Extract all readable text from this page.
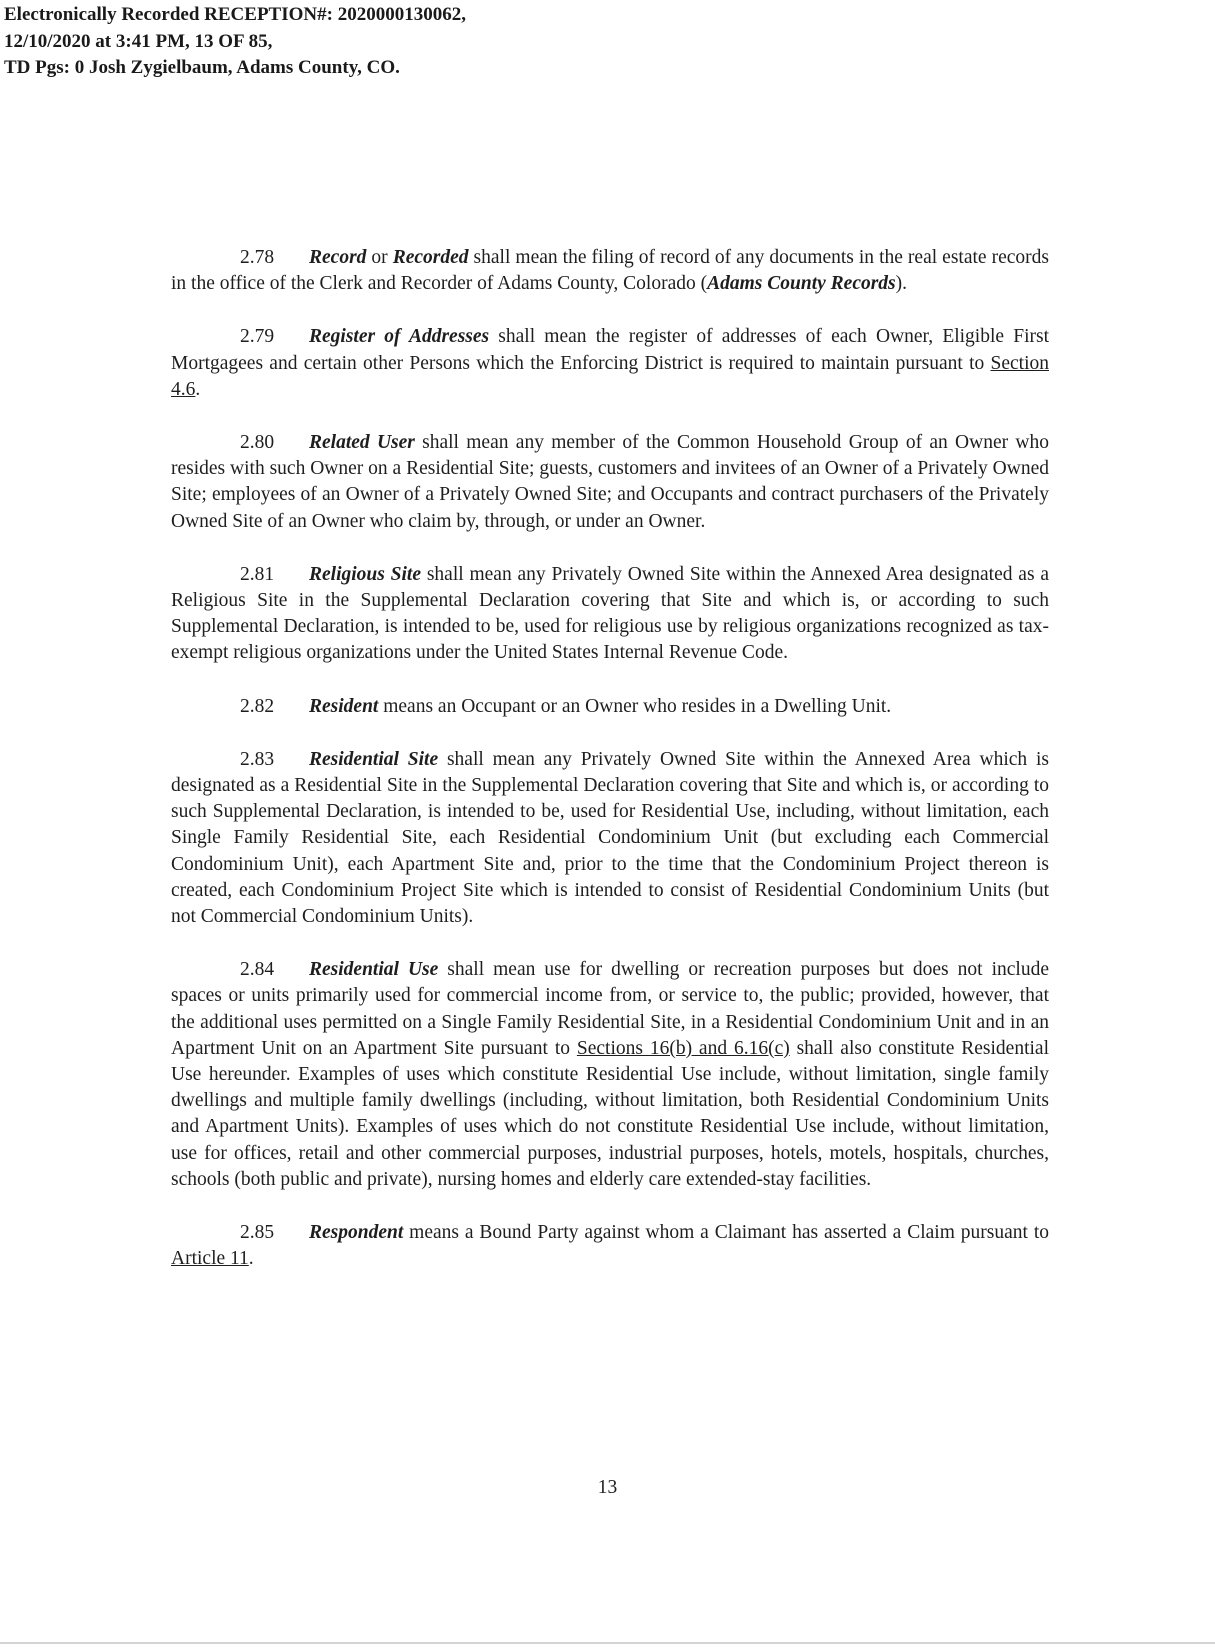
Electronically Recorded RECEPTION#: 2020000130062,
12/10/2020 at 3:41 PM, 13 OF 85,
TD Pgs: 0 Josh Zygielbaum, Adams County, CO.

2.78 Record or Recorded shall mean the filing of record of any documents in the real estate records in the office of the Clerk and Recorder of Adams County, Colorado (Adams County Records).

2.79 Register of Addresses shall mean the register of addresses of each Owner, Eligible First Mortgagees and certain other Persons which the Enforcing District is required to maintain pursuant to Section 4.6.

2.80 Related User shall mean any member of the Common Household Group of an Owner who resides with such Owner on a Residential Site; guests, customers and invitees of an Owner of a Privately Owned Site; employees of an Owner of a Privately Owned Site; and Occupants and contract purchasers of the Privately Owned Site of an Owner who claim by, through, or under an Owner.

2.81 Religious Site shall mean any Privately Owned Site within the Annexed Area designated as a Religious Site in the Supplemental Declaration covering that Site and which is, or according to such Supplemental Declaration, is intended to be, used for religious use by religious organizations recognized as tax-exempt religious organizations under the United States Internal Revenue Code.

2.82 Resident means an Occupant or an Owner who resides in a Dwelling Unit.

2.83 Residential Site shall mean any Privately Owned Site within the Annexed Area which is designated as a Residential Site in the Supplemental Declaration covering that Site and which is, or according to such Supplemental Declaration, is intended to be, used for Residential Use, including, without limitation, each Single Family Residential Site, each Residential Condominium Unit (but excluding each Commercial Condominium Unit), each Apartment Site and, prior to the time that the Condominium Project thereon is created, each Condominium Project Site which is intended to consist of Residential Condominium Units (but not Commercial Condominium Units).

2.84 Residential Use shall mean use for dwelling or recreation purposes but does not include spaces or units primarily used for commercial income from, or service to, the public; provided, however, that the additional uses permitted on a Single Family Residential Site, in a Residential Condominium Unit and in an Apartment Unit on an Apartment Site pursuant to Sections 16(b) and 6.16(c) shall also constitute Residential Use hereunder. Examples of uses which constitute Residential Use include, without limitation, single family dwellings and multiple family dwellings (including, without limitation, both Residential Condominium Units and Apartment Units). Examples of uses which do not constitute Residential Use include, without limitation, use for offices, retail and other commercial purposes, industrial purposes, hotels, motels, hospitals, churches, schools (both public and private), nursing homes and elderly care extended-stay facilities.

2.85 Respondent means a Bound Party against whom a Claimant has asserted a Claim pursuant to Article 11.

13
